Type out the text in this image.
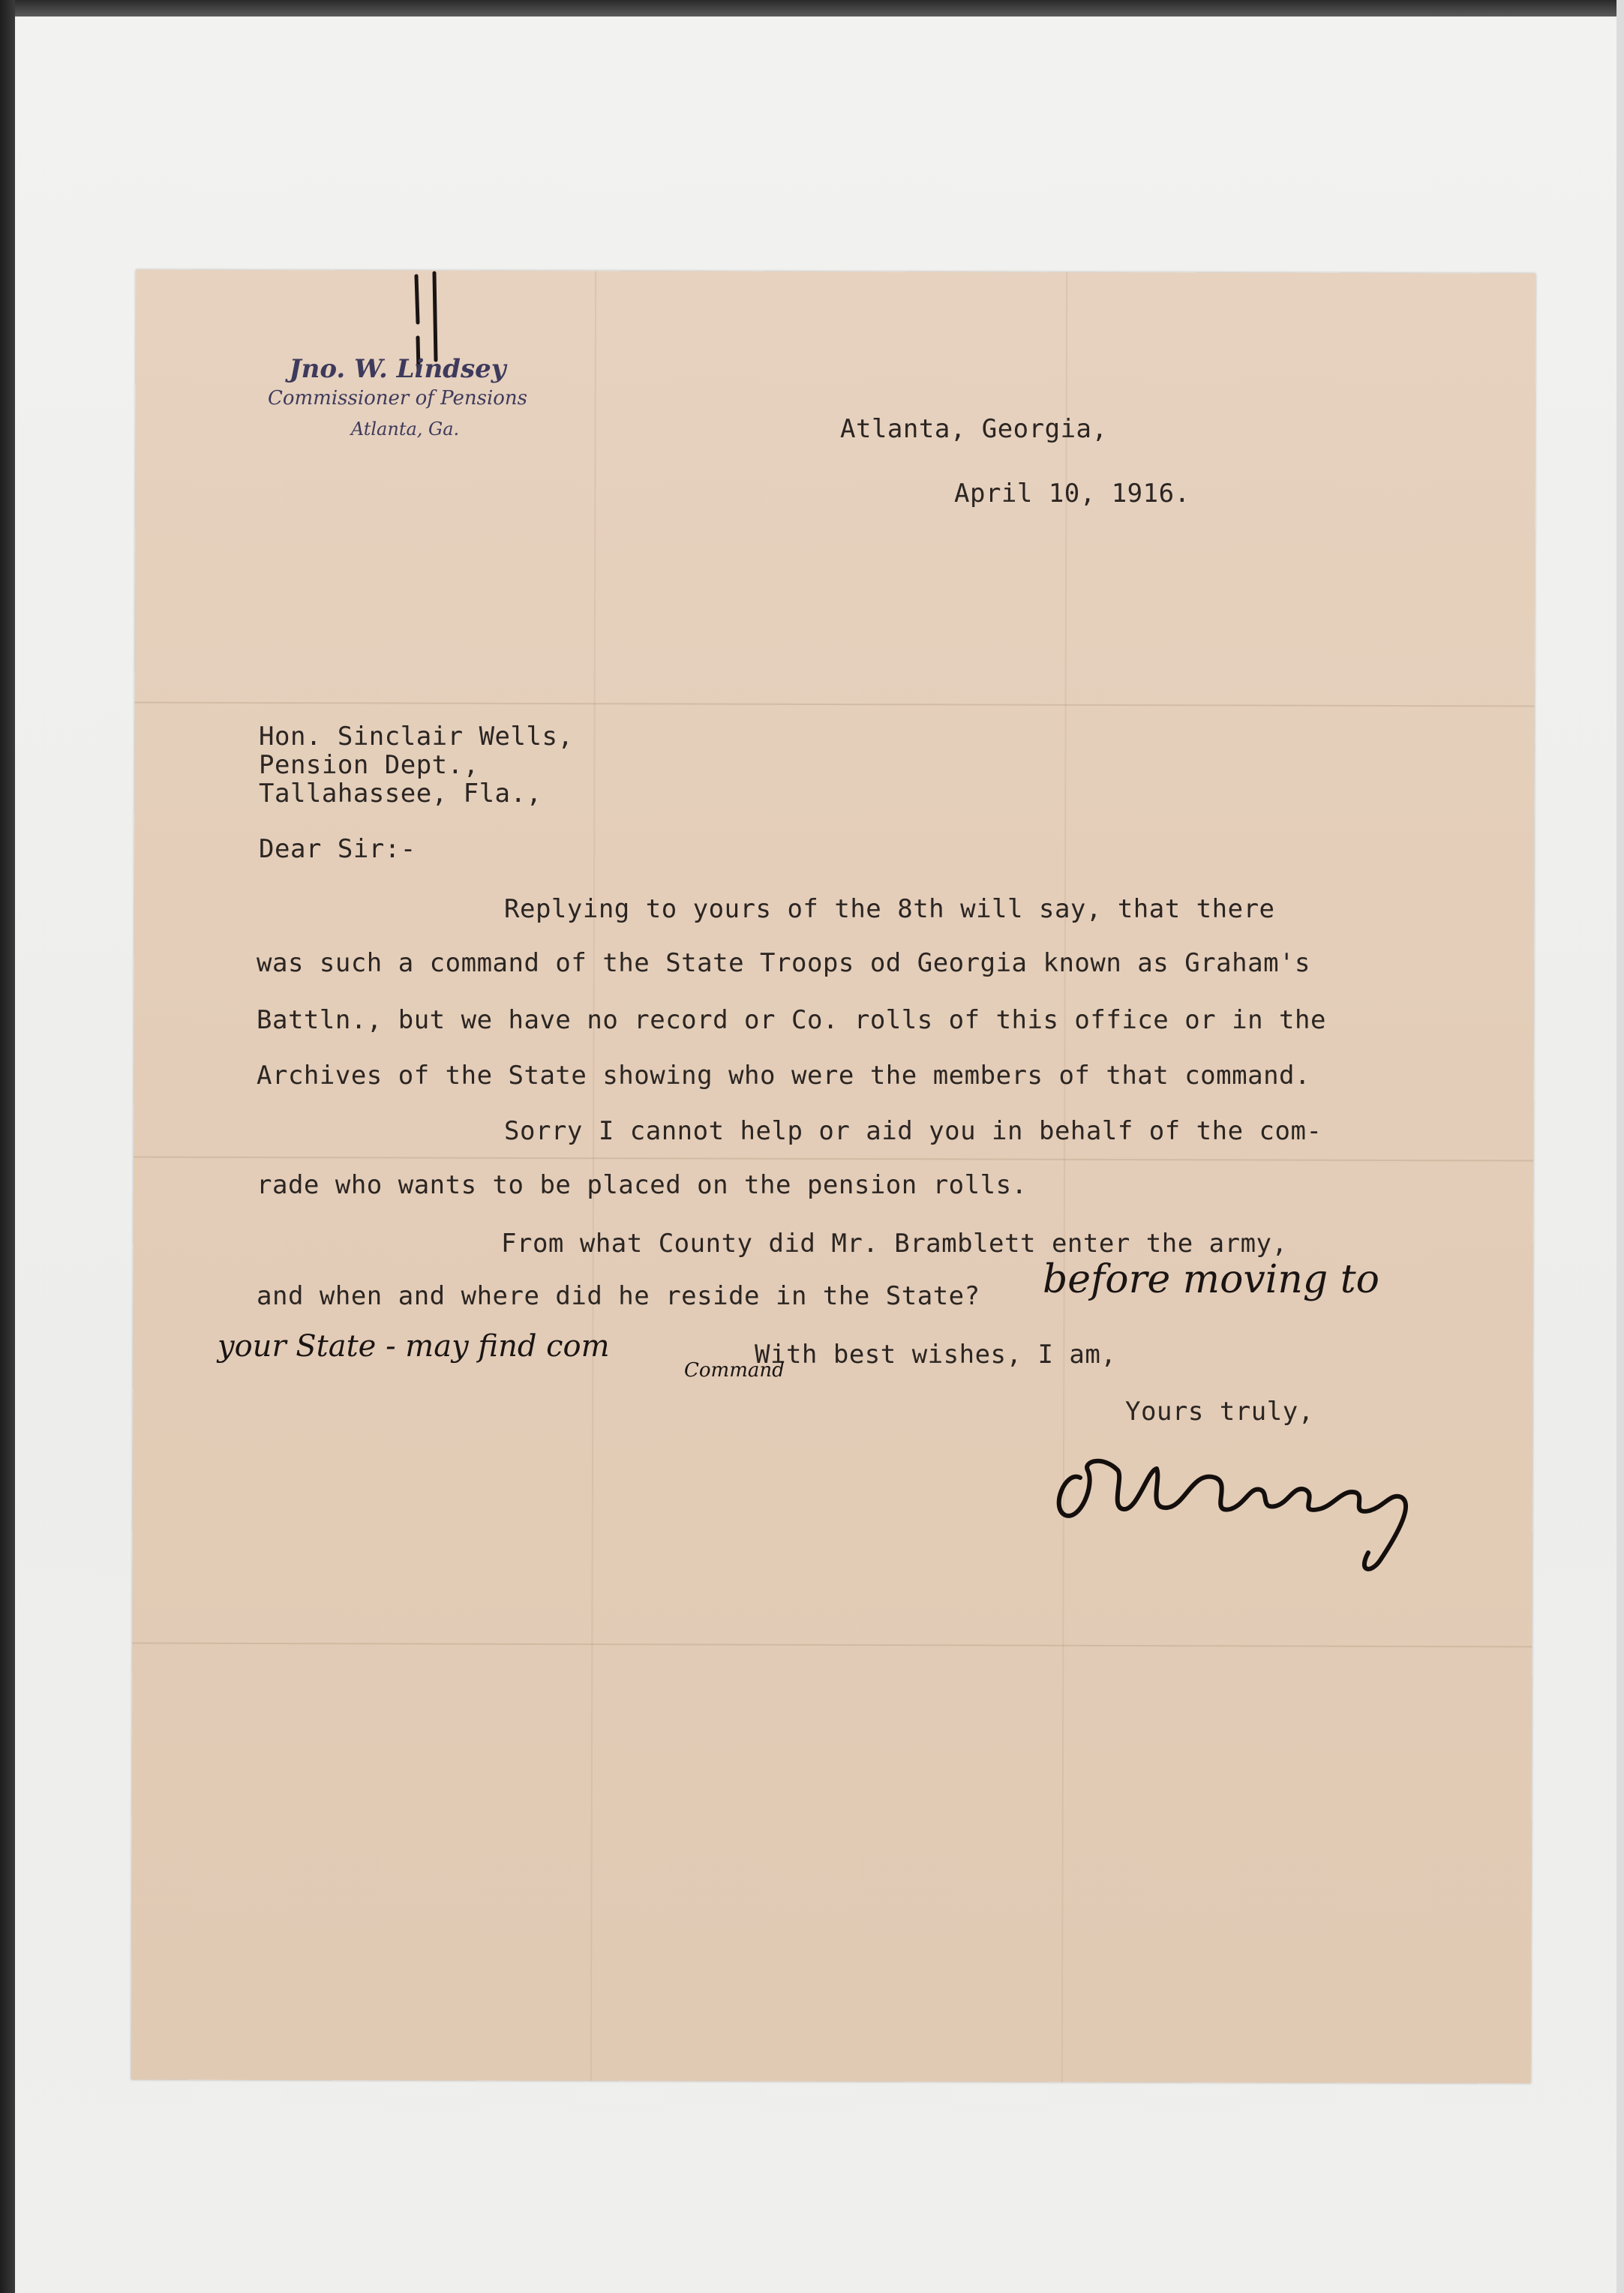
Jno. W. Lindsey
Commissioner of Pensions
Atlanta, Ga.	Atlanta, Georgia,
April 10, 1916.
Hon. Sinclair Wells,
Pension Dept.,
Tallahassee, Fla.,
Dear Sir:-
Replying to yours of the 8th will say, that there
was such a command of the State Troops od Georgia known as Graham's
Battln., but we have no record or Co. rolls of this office or in the
Archives of the State showing who were the members of that command.
Sorry I cannot help or aid you in behalf of the com-
rade who wants to be placed on the pension rolls.
From what County did Mr. Bramblett enter the army,
and when and where did he reside in the State?
With best wishes, I am,
before moving to
your State - may find com
Command
Yours truly,
